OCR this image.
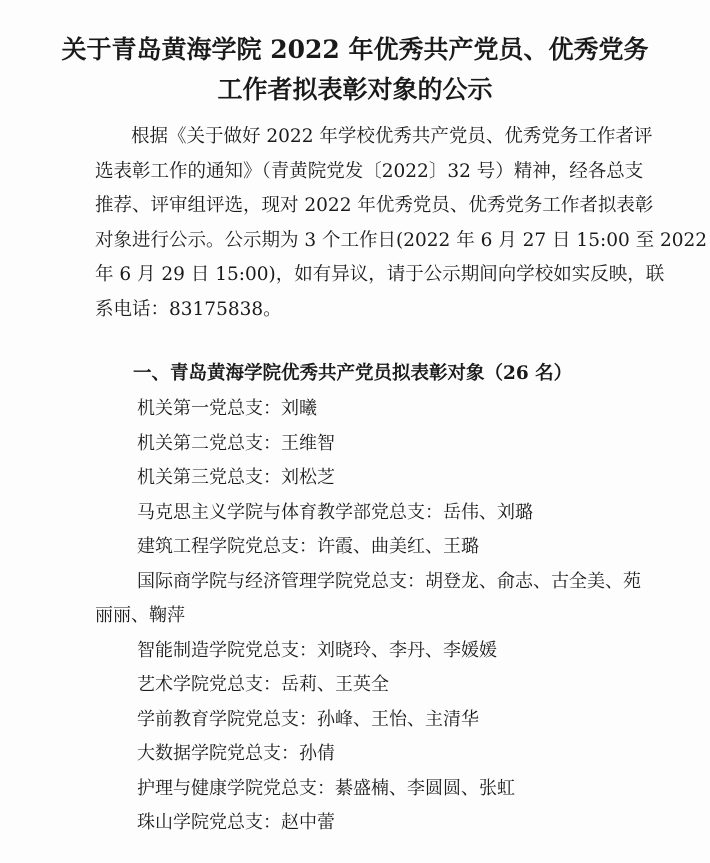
关于青岛黄海学院 2022 年优秀共产党员、优秀党务
工作者拟表彰对象的公示
根据《关于做好 2022 年学校优秀共产党员、优秀党务工作者评
选表彰工作的通知》（青黄院党发〔2022〕32 号）精神，经各总支
推荐、评审组评选，现对 2022 年优秀党员、优秀党务工作者拟表彰
对象进行公示。公示期为 3 个工作日(2022 年 6 月 27 日 15:00 至 2022
年 6 月 29 日 15:00)，如有异议，请于公示期间向学校如实反映，联
系电话：83175838。
一、青岛黄海学院优秀共产党员拟表彰对象（26 名）
机关第一党总支：刘曦
机关第二党总支：王维智
机关第三党总支：刘松芝
马克思主义学院与体育教学部党总支：岳伟、刘璐
建筑工程学院党总支：许霞、曲美红、王璐
国际商学院与经济管理学院党总支：胡登龙、俞志、古全美、苑
丽丽、鞠萍
智能制造学院党总支：刘晓玲、李丹、李媛媛
艺术学院党总支：岳莉、王英全
学前教育学院党总支：孙峰、王怡、主清华
大数据学院党总支：孙倩
护理与健康学院党总支：綦盛楠、李圆圆、张虹
珠山学院党总支：赵中蕾
